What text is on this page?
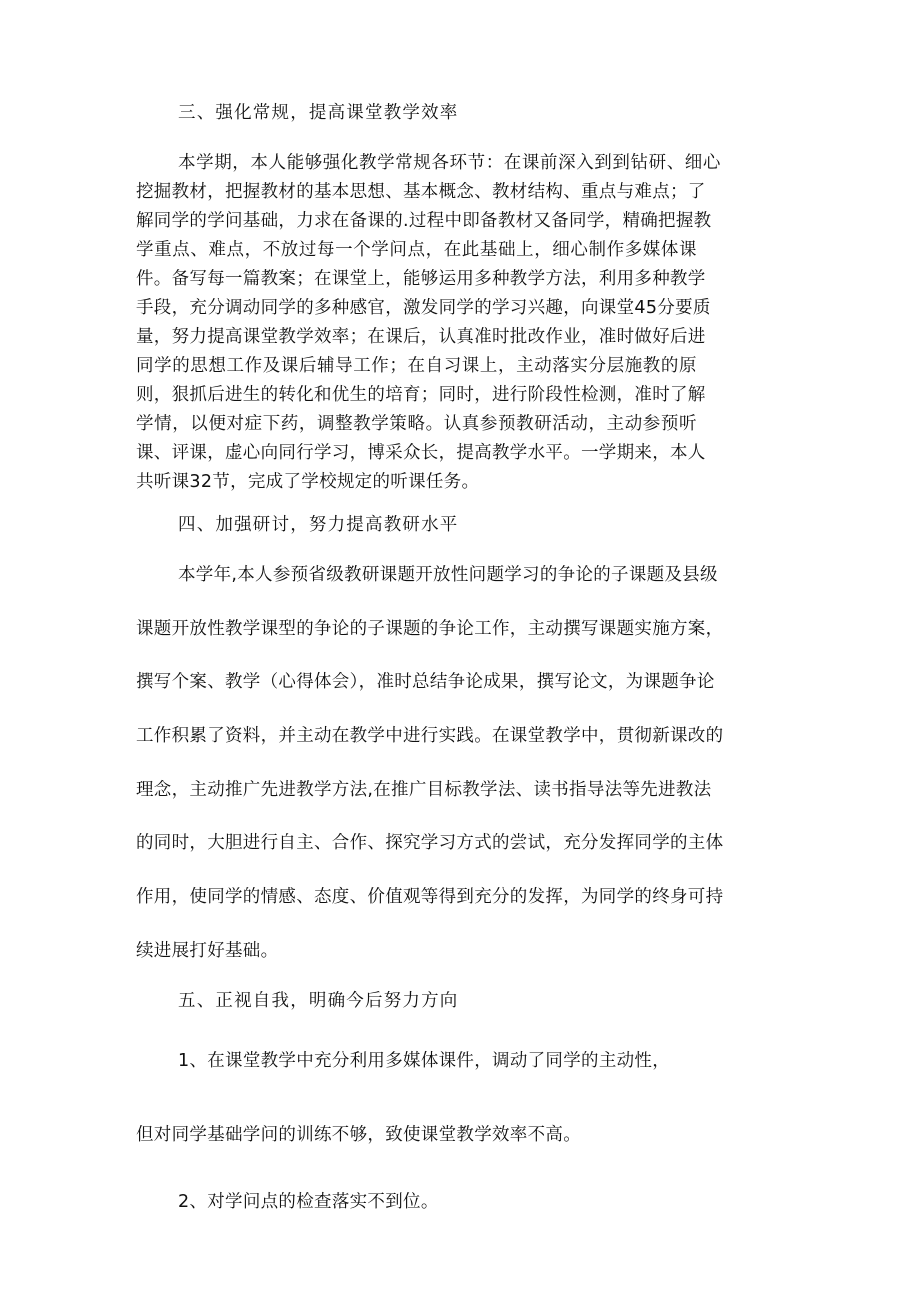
三、强化常规，提高课堂教学效率
本学期，本人能够强化教学常规各环节：在课前深入到到钻研、细心
挖掘教材，把握教材的基本思想、基本概念、教材结构、重点与难点；了
解同学的学问基础，力求在备课的.过程中即备教材又备同学，精确把握教
学重点、难点，不放过每一个学问点，在此基础上，细心制作多媒体课
件。备写每一篇教案；在课堂上，能够运用多种教学方法，利用多种教学
手段，充分调动同学的多种感官，激发同学的学习兴趣，向课堂45分要质
量，努力提高课堂教学效率；在课后，认真准时批改作业，准时做好后进
同学的思想工作及课后辅导工作；在自习课上，主动落实分层施教的原
则，狠抓后进生的转化和优生的培育；同时，进行阶段性检测，准时了解
学情，以便对症下药，调整教学策略。认真参预教研活动，主动参预听
课、评课，虚心向同行学习，博采众长，提高教学水平。一学期来，本人
共听课32节，完成了学校规定的听课任务。
四、加强研讨，努力提高教研水平
本学年,本人参预省级教研课题开放性问题学习的争论的子课题及县级
课题开放性教学课型的争论的子课题的争论工作，主动撰写课题实施方案，
撰写个案、教学（心得体会），准时总结争论成果，撰写论文，为课题争论
工作积累了资料，并主动在教学中进行实践。在课堂教学中，贯彻新课改的
理念，主动推广先进教学方法,在推广目标教学法、读书指导法等先进教法
的同时，大胆进行自主、合作、探究学习方式的尝试，充分发挥同学的主体
作用，使同学的情感、态度、价值观等得到充分的发挥，为同学的终身可持
续进展打好基础。
五、正视自我，明确今后努力方向
1、在课堂教学中充分利用多媒体课件，调动了同学的主动性，
但对同学基础学问的训练不够，致使课堂教学效率不高。
2、对学问点的检查落实不到位。
